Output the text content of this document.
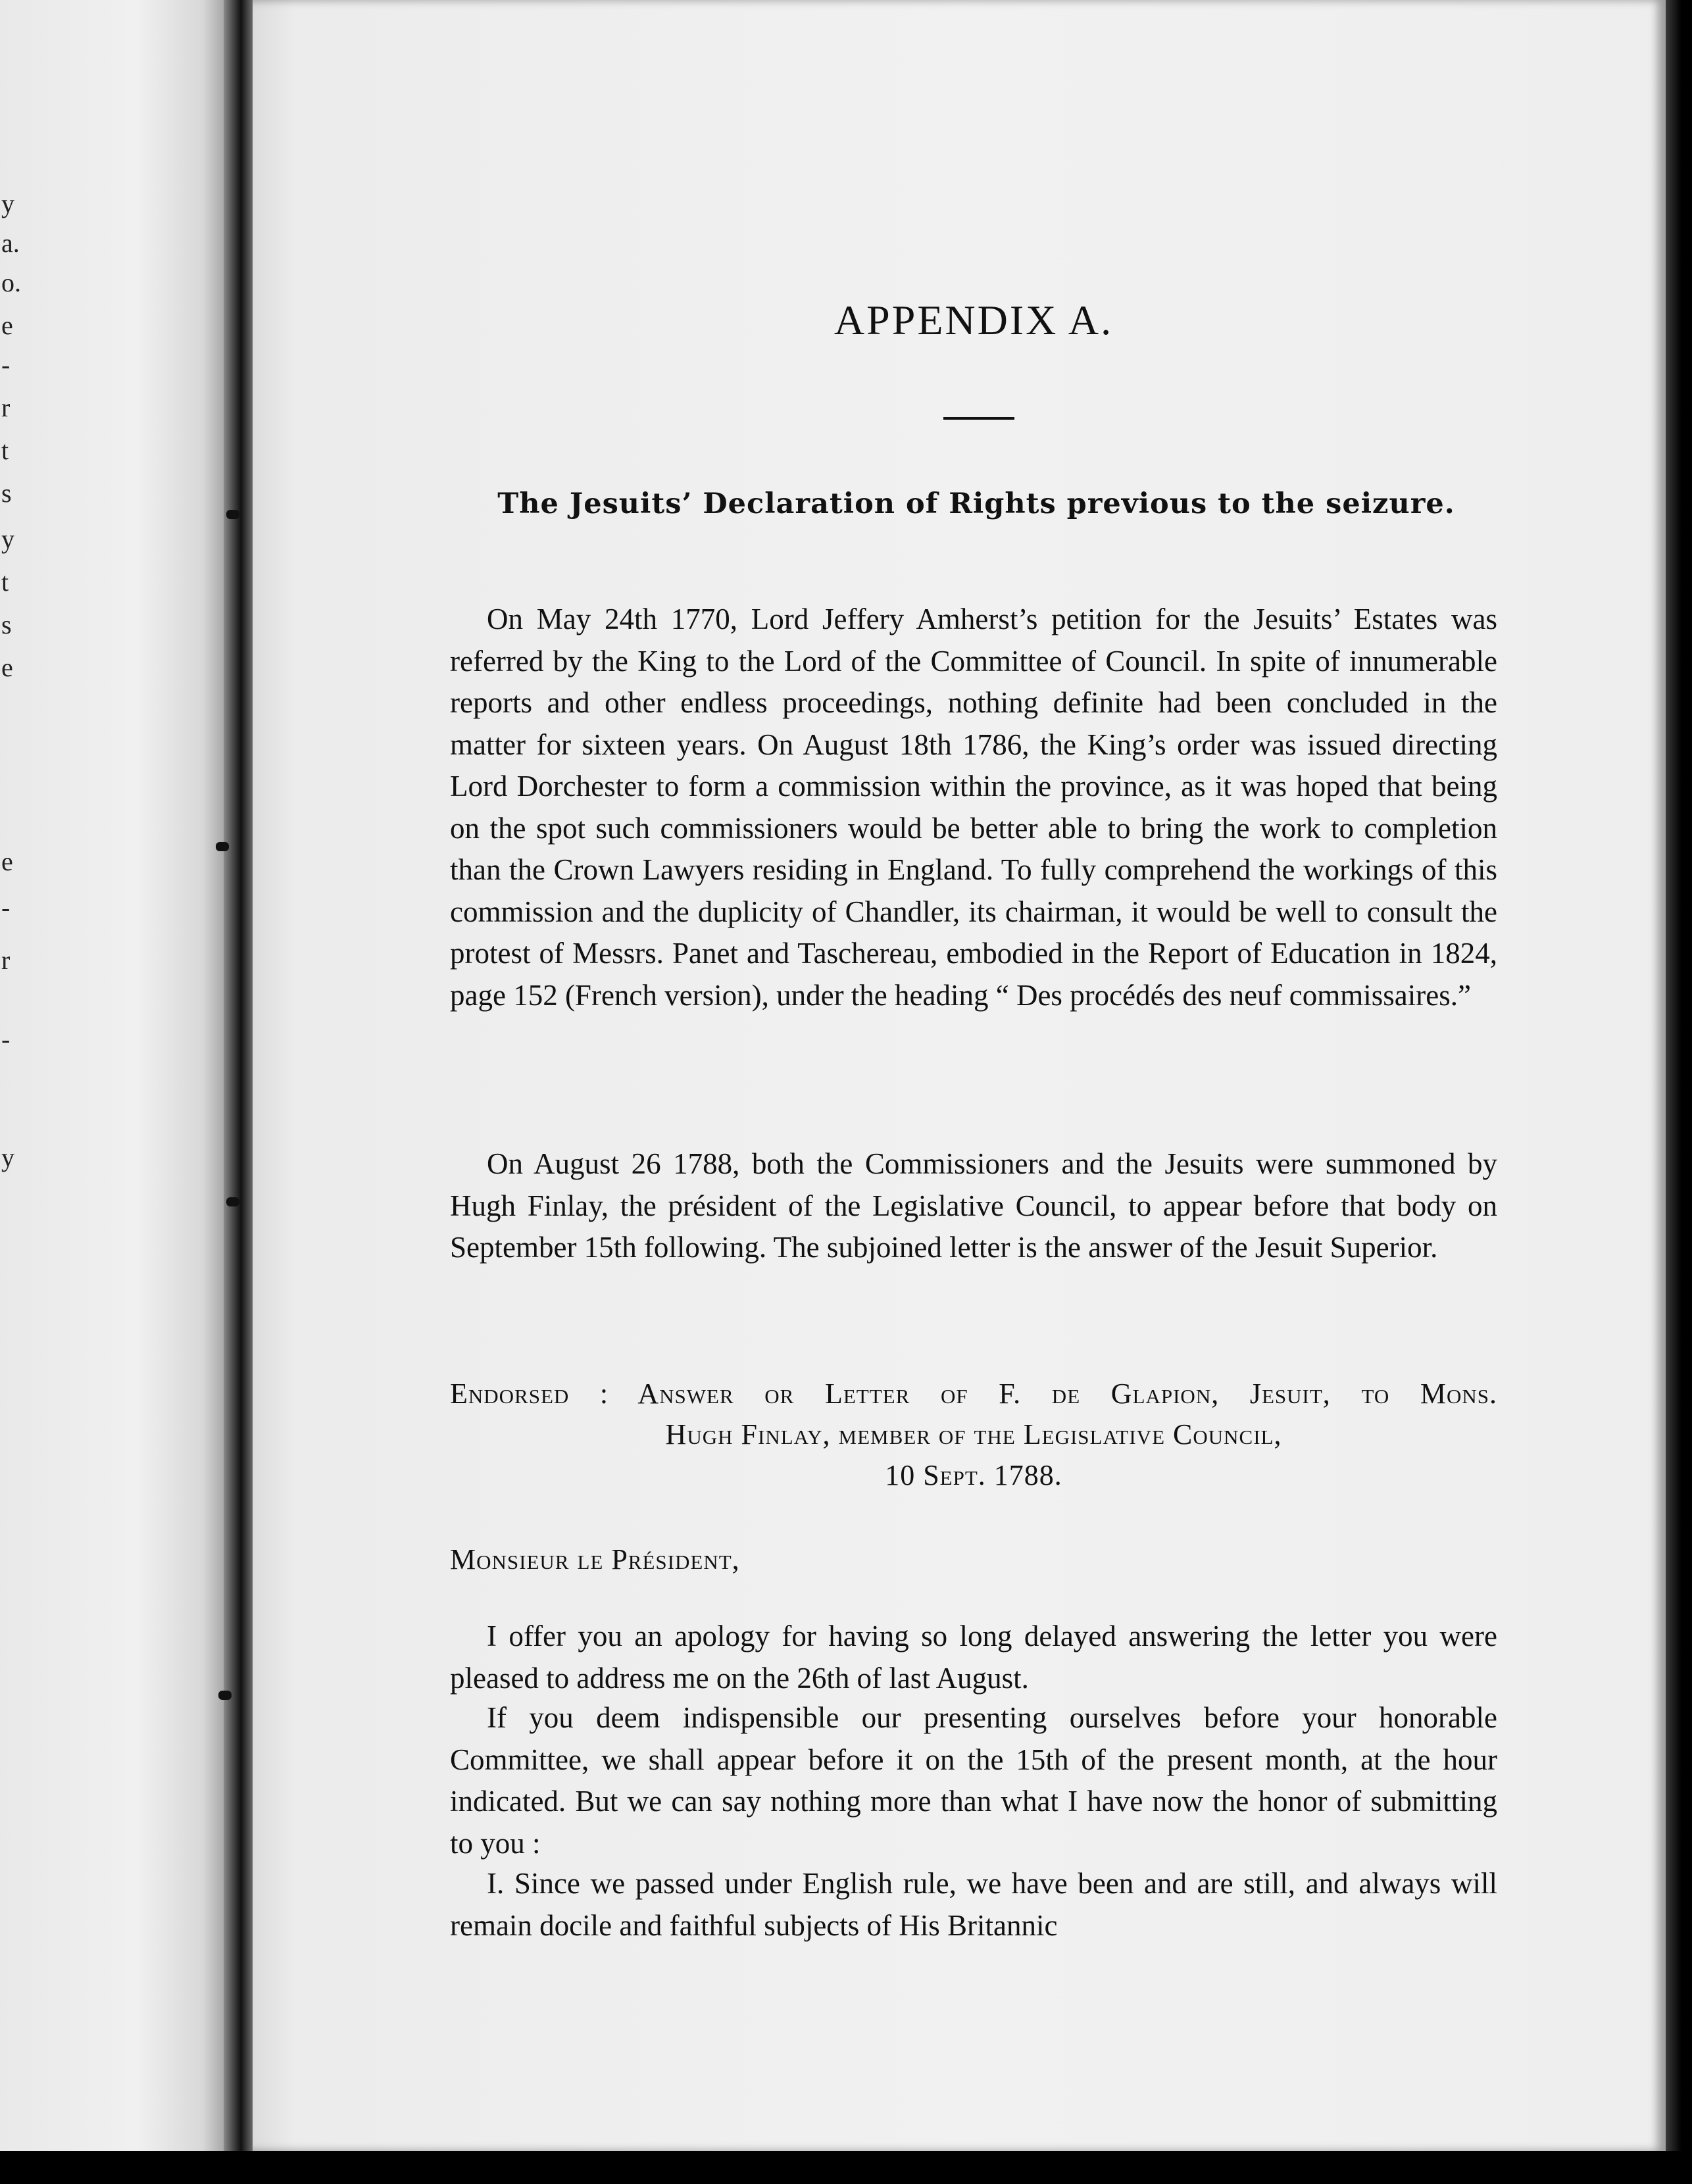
y
a.
o.
e
-
r
t
s
y
t
s
e
e
-
r
-
y
APPENDIX A.
The Jesuits’ Declaration of Rights previous to the seizure.

On May 24th 1770, Lord Jeffery Amherst’s petition for the Jesuits’ Estates was referred by the King to the Lord of the Committee of Council. In spite of innumerable reports and other endless proceedings, nothing definite had been concluded in the matter for sixteen years. On August 18th 1786, the King’s order was issued directing Lord Dorchester to form a commission within the province, as it was hoped that being on the spot such commissioners would be better able to bring the work to completion than the Crown Lawyers residing in England. To fully comprehend the workings of this commission and the duplicity of Chandler, its chairman, it would be well to consult the protest of Messrs. Panet and Taschereau, embodied in the Report of Education in 1824, page 152 (French version), under the heading “ Des procédés des neuf commissaires.”

On August 26 1788, both the Commissioners and the Jesuits were summoned by Hugh Finlay, the président of the Legislative Council, to appear before that body on September 15th following. The subjoined letter is the answer of the Jesuit Superior.

Endorsed : Answer or Letter of F. de Glapion, Jesuit, to Mons.
Hugh Finlay, member of the Legislative Council,
10 Sept. 1788.

Monsieur le Président,

I offer you an apology for having so long delayed answering the letter you were pleased to address me on the 26th of last August.

If you deem indispensible our presenting ourselves before your honorable Committee, we shall appear before it on the 15th of the present month, at the hour indicated. But we can say nothing more than what I have now the honor of submitting to you :

I. Since we passed under English rule, we have been and are still, and always will remain docile and faithful subjects of His Britannic
